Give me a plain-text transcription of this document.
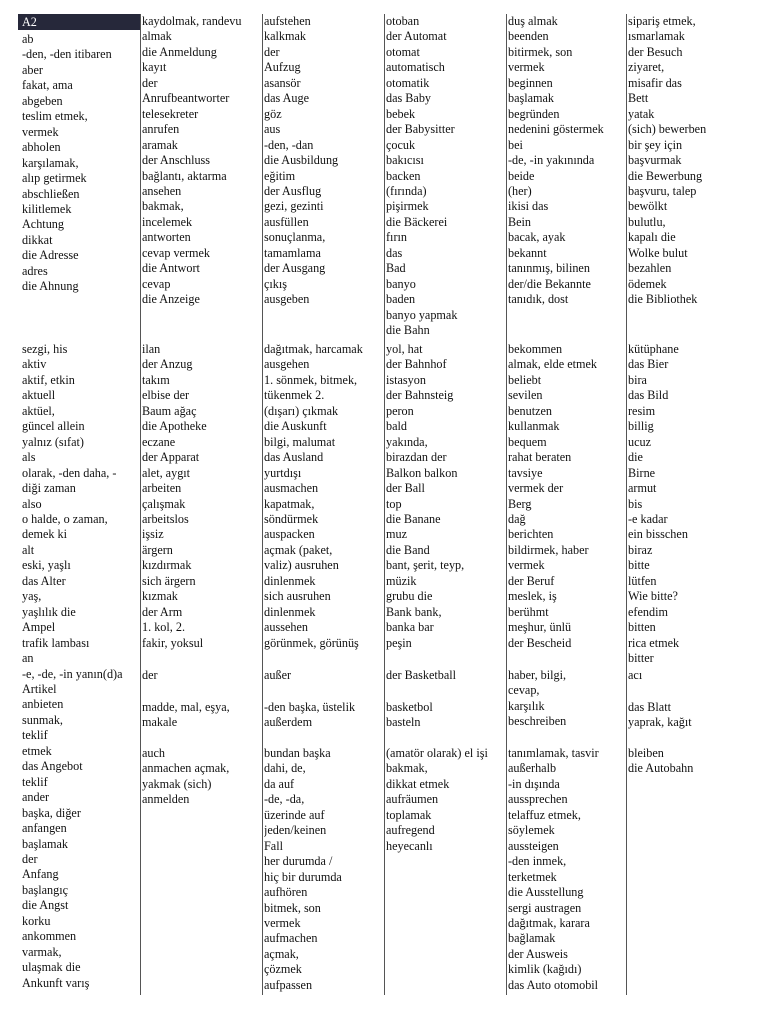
A2
ab
-den, -den itibaren
aber
fakat, ama
abgeben
teslim etmek,
vermek
abholen
karşılamak,
alıp getirmek
abschließen
kilitlemek
Achtung
dikkat
die Adresse
adres
die Ahnung
sezgi, his
aktiv
aktif, etkin
aktuell
aktüel,
güncel allein
yalnız (sıfat)
als
olarak, -den daha, -
diği zaman
also
o halde, o zaman,
demek ki
alt
eski, yaşlı
das Alter
yaş,
yaşlılık die
Ampel
trafik lambası
an
-e, -de, -in yanın(d)a
Artikel
anbieten
sunmak,
teklif
etmek
das Angebot
teklif
ander
başka, diğer
anfangen
başlamak
der
Anfang
başlangıç
die Angst
korku
ankommen
varmak,
ulaşmak die
Ankunft varış
kaydolmak, randevu
almak
die Anmeldung
kayıt
der
Anrufbeantworter
telesekreter
anrufen
aramak
der Anschluss
bağlantı, aktarma
ansehen
bakmak,
incelemek
antworten
cevap vermek
die Antwort
cevap
die Anzeige
ilan
der Anzug
takım
elbise der
Baum ağaç
die Apotheke
eczane
der Apparat
alet, aygıt
arbeiten
çalışmak
arbeitslos
işsiz
ärgern
kızdırmak
sich ärgern
kızmak
der Arm
1. kol, 2.
fakir, yoksul
der
madde, mal, eşya,
makale
auch
anmachen açmak,
yakmak (sich)
anmelden
aufstehen
kalkmak
der
Aufzug
asansör
das Auge
göz
aus
-den, -dan
die Ausbildung
eğitim
der Ausflug
gezi, gezinti
ausfüllen
sonuçlanma,
tamamlama
der Ausgang
çıkış
ausgeben
dağıtmak, harcamak
ausgehen
1. sönmek, bitmek,
tükenmek 2.
(dışarı) çıkmak
die Auskunft
bilgi, malumat
das Ausland
yurtdışı
ausmachen
kapatmak,
söndürmek
auspacken
açmak (paket,
valiz) ausruhen
dinlenmek
sich ausruhen
dinlenmek
aussehen
görünmek, görünüş
außer
-den başka, üstelik
außerdem
bundan başka
dahi, de,
da auf
-de, -da,
üzerinde auf
jeden/keinen
Fall
her durumda /
hiç bir durumda
aufhören
bitmek, son
vermek
aufmachen
açmak,
çözmek
aufpassen
otoban
der Automat
otomat
automatisch
otomatik
das Baby
bebek
der Babysitter
çocuk
bakıcısı
backen
(fırında)
pişirmek
die Bäckerei
fırın
das
Bad
banyo
baden
banyo yapmak
die Bahn
yol, hat
der Bahnhof
istasyon
der Bahnsteig
peron
bald
yakında,
birazdan der
Balkon balkon
der Ball
top
die Banane
muz
die Band
bant, şerit, teyp,
müzik
grubu die
Bank bank,
banka bar
peşin
der Basketball
basketbol
basteln
(amatör olarak) el işi
bakmak,
dikkat etmek
aufräumen
toplamak
aufregend
heyecanlı
duş almak
beenden
bitirmek, son
vermek
beginnen
başlamak
begründen
nedenini göstermek
bei
-de, -in yakınında
beide
(her)
ikisi das
Bein
bacak, ayak
bekannt
tanınmış, bilinen
der/die Bekannte
tanıdık, dost
bekommen
almak, elde etmek
beliebt
sevilen
benutzen
kullanmak
bequem
rahat beraten
tavsiye
vermek der
Berg
dağ
berichten
bildirmek, haber
vermek
der Beruf
meslek, iş
berühmt
meşhur, ünlü
der Bescheid
haber, bilgi,
cevap,
karşılık
beschreiben
tanımlamak, tasvir
außerhalb
-in dışında
aussprechen
telaffuz etmek,
söylemek
aussteigen
-den inmek,
terketmek
die Ausstellung
sergi austragen
dağıtmak, karara
bağlamak
der Ausweis
kimlik (kağıdı)
das Auto otomobil
sipariş etmek,
ısmarlamak
der Besuch
ziyaret,
misafir das
Bett
yatak
(sich) bewerben
bir şey için
başvurmak
die Bewerbung
başvuru, talep
bewölkt
bulutlu,
kapalı die
Wolke bulut
bezahlen
ödemek
die Bibliothek
kütüphane
das Bier
bira
das Bild
resim
billig
ucuz
die
Birne
armut
bis
-e kadar
ein bisschen
biraz
bitte
lütfen
Wie bitte?
efendim
bitten
rica etmek
bitter
acı
das Blatt
yaprak, kağıt
bleiben
die Autobahn
